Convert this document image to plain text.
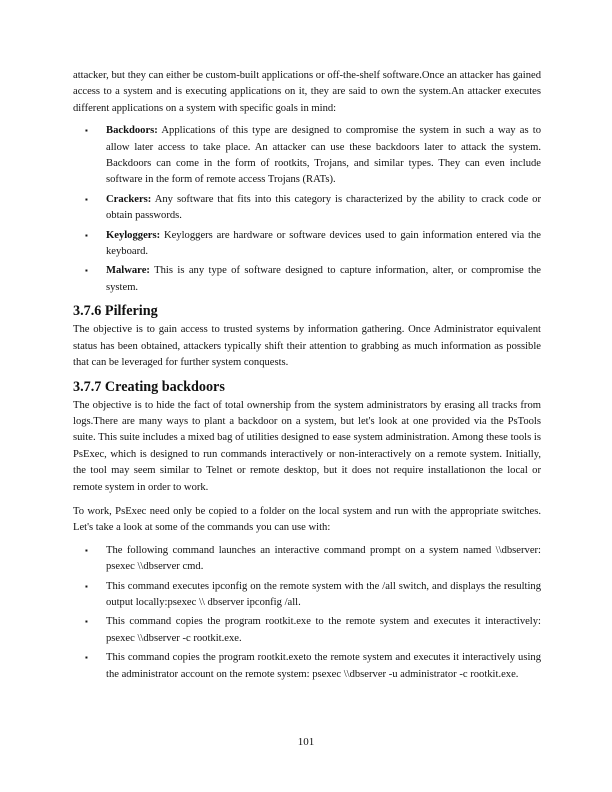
attacker, but they can either be custom-built applications or off-the-shelf software.Once an attacker has gained access to a system and is executing applications on it, they are said to own the system.An attacker executes different applications on a system with specific goals in mind:

▪ Backdoors: Applications of this type are designed to compromise the system in such a way as to allow later access to take place. An attacker can use these backdoors later to attack the system. Backdoors can come in the form of rootkits, Trojans, and similar types. They can even include software in the form of remote access Trojans (RATs).
▪ Crackers: Any software that fits into this category is characterized by the ability to crack code or obtain passwords.
▪ Keyloggers: Keyloggers are hardware or software devices used to gain information entered via the keyboard.
▪ Malware: This is any type of software designed to capture information, alter, or compromise the system.
3.7.6 Pilfering

The objective is to gain access to trusted systems by information gathering. Once Administrator equivalent status has been obtained, attackers typically shift their attention to grabbing as much information as possible that can be leveraged for further system conquests.

3.7.7 Creating backdoors

The objective is to hide the fact of total ownership from the system administrators by erasing all tracks from logs.There are many ways to plant a backdoor on a system, but let's look at one provided via the PsTools suite. This suite includes a mixed bag of utilities designed to ease system administration. Among these tools is PsExec, which is designed to run commands interactively or non-interactively on a remote system. Initially, the tool may seem similar to Telnet or remote desktop, but it does not require installationon the local or remote system in order to work.

To work, PsExec need only be copied to a folder on the local system and run with the appropriate switches. Let's take a look at some of the commands you can use with:

▪ The following command launches an interactive command prompt on a system named \\dbserver: psexec \\dbserver cmd.
▪ This command executes ipconfig on the remote system with the /all switch, and displays the resulting output locally:psexec \\ dbserver ipconfig /all.
▪ This command copies the program rootkit.exe to the remote system and executes it interactively: psexec \\dbserver -c rootkit.exe.
▪ This command copies the program rootkit.exeto the remote system and executes it interactively using the administrator account on the remote system: psexec \\dbserver -u administrator -c rootkit.exe.
101
